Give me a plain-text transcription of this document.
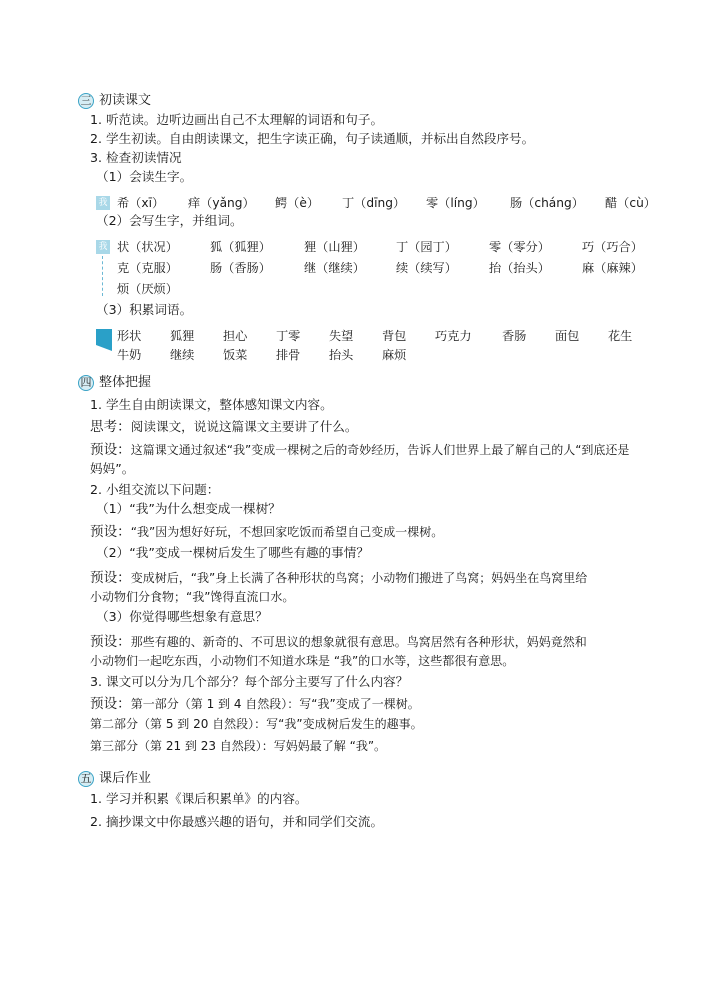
三 初读课文
1. 听范读。边听边画出自己不太理解的词语和句子。
2. 学生初读。自由朗读课文，把生字读正确，句子读通顺，并标出自然段序号。
3. 检查初读情况
（1）会读生字。
我 希（xī） 痒（yǎng） 鳄（è） 丁（dīng） 零（líng） 肠（cháng） 醋（cù）
（2）会写生字，并组词。
我 状（状况）	狐（狐狸）	狸（山狸）	丁（园丁）	零（零分）	巧（巧合）
克（克服）	肠（香肠）	继（继续）	续（续写）	抬（抬头）	麻（麻辣）
烦（厌烦）
（3）积累词语。
形状 狐狸 担心 丁零 失望 背包 巧克力 香肠 面包 花生
牛奶 继续 饭菜 排骨 抬头 麻烦
四 整体把握
1. 学生自由朗读课文，整体感知课文内容。
思考：阅读课文，说说这篇课文主要讲了什么。
预设：这篇课文通过叙述“我”变成一棵树之后的奇妙经历，告诉人们世界上最了解自己的人“到底还是
妈妈”。
2. 小组交流以下问题：
（1）“我”为什么想变成一棵树？
预设：“我”因为想好好玩，不想回家吃饭而希望自己变成一棵树。
（2）“我”变成一棵树后发生了哪些有趣的事情？
预设：变成树后，“我”身上长满了各种形状的鸟窝；小动物们搬进了鸟窝；妈妈坐在鸟窝里给
小动物们分食物；“我”馋得直流口水。
（3）你觉得哪些想象有意思？
预设：那些有趣的、新奇的、不可思议的想象就很有意思。鸟窝居然有各种形状，妈妈竟然和
小动物们一起吃东西，小动物们不知道水珠是 “我”的口水等，这些都很有意思。
3. 课文可以分为几个部分？每个部分主要写了什么内容？
预设：第一部分（第 1 到 4 自然段）：写“我”变成了一棵树。
第二部分（第 5 到 20 自然段）：写“我”变成树后发生的趣事。
第三部分（第 21 到 23 自然段）：写妈妈最了解 “我”。
五 课后作业
1. 学习并积累《课后积累单》的内容。
2. 摘抄课文中你最感兴趣的语句，并和同学们交流。
